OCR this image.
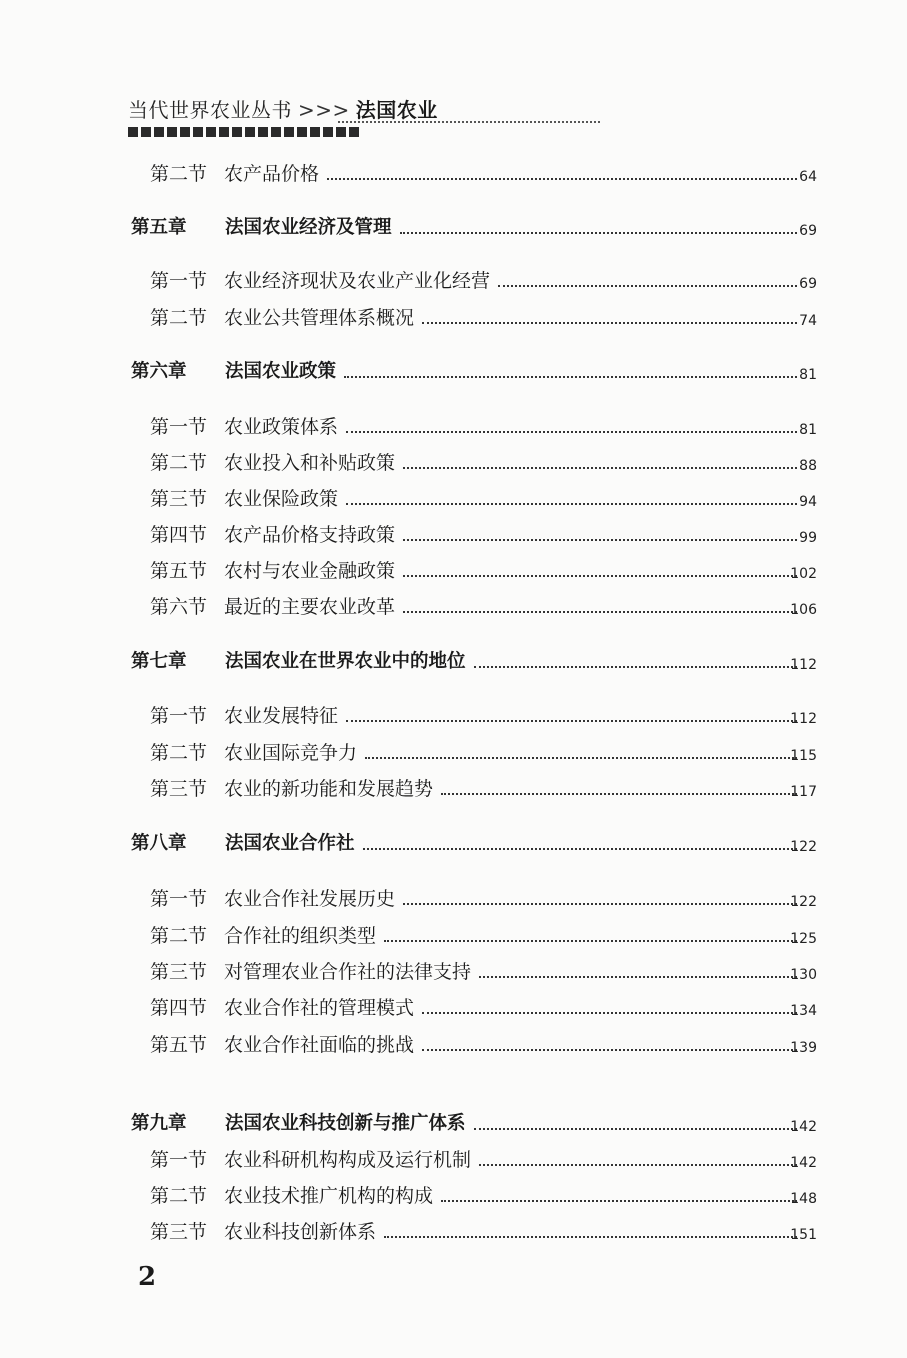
当代世界农业丛书 >>> 法国农业
第二节 农产品价格	64
第五章 法国农业经济及管理	69
第一节 农业经济现状及农业产业化经营	69
第二节 农业公共管理体系概况	74
第六章 法国农业政策	81
第一节 农业政策体系	81
第二节 农业投入和补贴政策	88
第三节 农业保险政策	94
第四节 农产品价格支持政策	99
第五节 农村与农业金融政策	102
第六节 最近的主要农业改革	106
第七章 法国农业在世界农业中的地位	112
第一节 农业发展特征	112
第二节 农业国际竞争力	115
第三节 农业的新功能和发展趋势	117
第八章 法国农业合作社	122
第一节 农业合作社发展历史	122
第二节 合作社的组织类型	125
第三节 对管理农业合作社的法律支持	130
第四节 农业合作社的管理模式	134
第五节 农业合作社面临的挑战	139
第九章 法国农业科技创新与推广体系	142
第一节 农业科研机构构成及运行机制	142
第二节 农业技术推广机构的构成	148
第三节 农业科技创新体系	151
2
